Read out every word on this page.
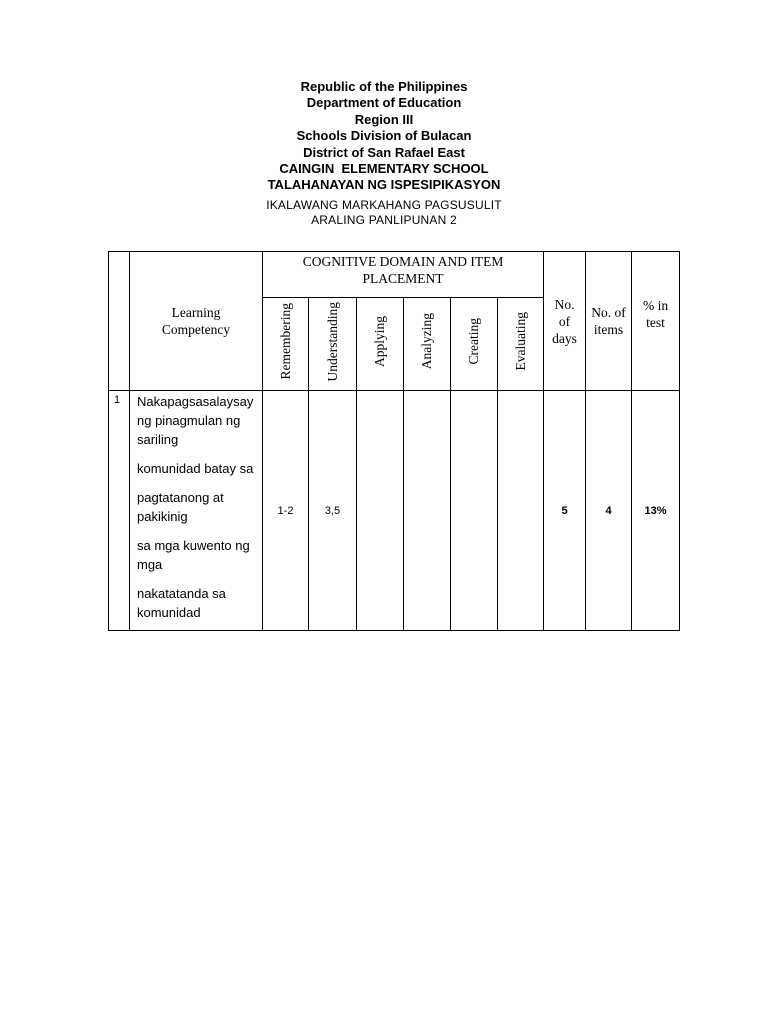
Republic of the Philippines
Department of Education
Region III
Schools Division of Bulacan
District of San Rafael East
CAINGIN  ELEMENTARY SCHOOL
TALAHANAYAN NG ISPESIPIKASYON
IKALAWANG MARKAHANG PAGSUSULIT
ARALING PANLIPUNAN 2
	Learning Competency	COGNITIVE DOMAIN AND ITEM PLACEMENT						No. of days	No. of items	% in test
		Remembering	Understanding	Applying	Analyzing	Creating	Evaluating			
1	Nakapagsasalaysay ng pinagmulan ng sariling
komunidad batay sa
pagtatanong at pakikinig
sa mga kuwento ng mga
nakatatanda sa komunidad	1-2	3,5					5	4	13%
